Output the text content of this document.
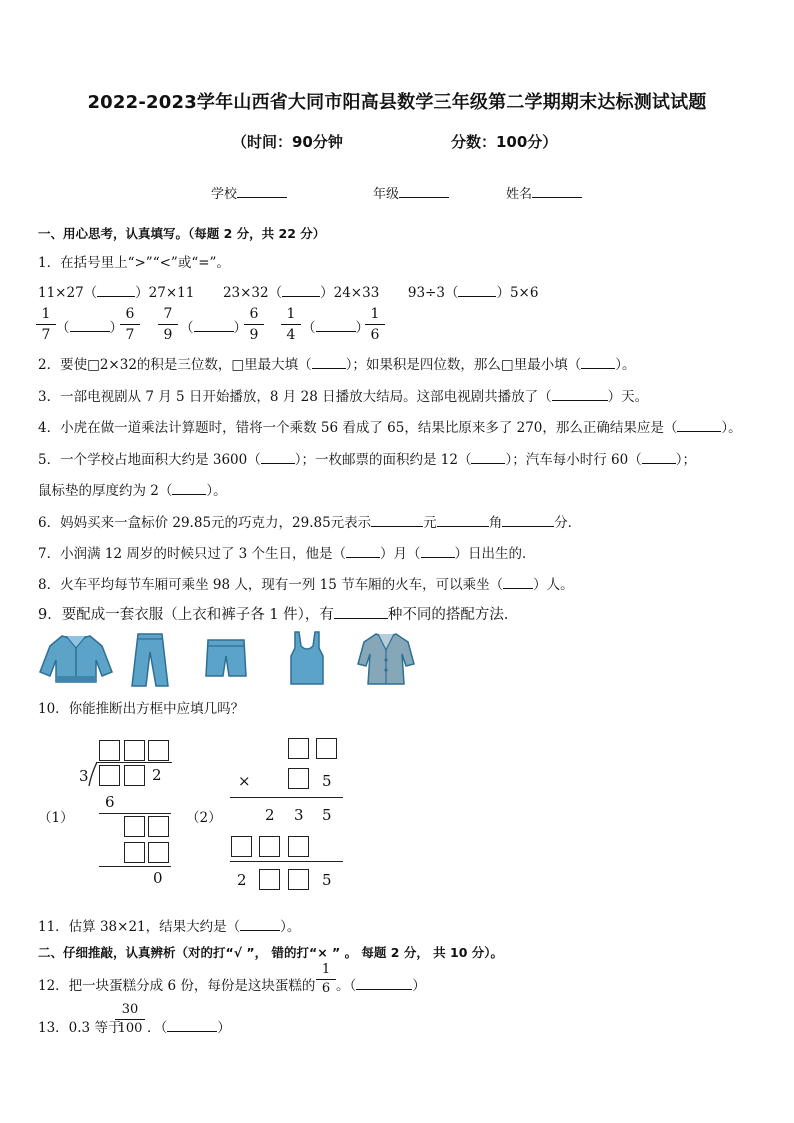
2022-2023学年山西省大同市阳高县数学三年级第二学期期末达标测试试题
（时间：90分钟	分数：100分）
学校	年级	姓名
一、用心思考，认真填写。（每题 2 分，共 22 分）
1．在括号里上“>”“<”或“=”。
11×27（	）27×11 23×32（	）24×33 93÷3（	）5×6
1
7 （	）
6
7
7
9 （	）
6
9
1
4 （	）
1
6
2．要使□2×32的积是三位数，□里最大填（	）；如果积是四位数，那么□里最小填（	）。
3．一部电视剧从 7 月 5 日开始播放，8 月 28 日播放大结局。这部电视剧共播放了（	）天。
4．小虎在做一道乘法计算题时，错将一个乘数 56 看成了 65，结果比原来多了 270，那么正确结果应是（	）。
5．一个学校占地面积大约是 3600（	）；一枚邮票的面积约是 12（	）；汽车每小时行 60（	）；
鼠标垫的厚度约为 2（	）。
6．妈妈买来一盒标价 29.85元的巧克力，29.85元表示	元	角	分．
7．小润满 12 周岁的时候只过了 3 个生日，他是（	）月（	）日出生的．
8．火车平均每节车厢可乘坐 98 人，现有一列 15 节车厢的火车，可以乘坐（ ）人。
9．要配成一套衣服（上衣和裤子各 1 件），有	种不同的搭配方法．
10．你能推断出方框中应填几吗？
（1）
3	2
6
0
（2）
×	5
2 3 5
2	5
11．估算 38×21，结果大约是（	）。
二、仔细推敲，认真辨析（对的打“√ ”， 错的打“× ” 。 每题 2 分， 共 10 分）。
12．把一块蛋糕分成 6 份，每份是这块蛋糕的
1
6 。（	）
13．0.3 等于
30
100 ．（	）
